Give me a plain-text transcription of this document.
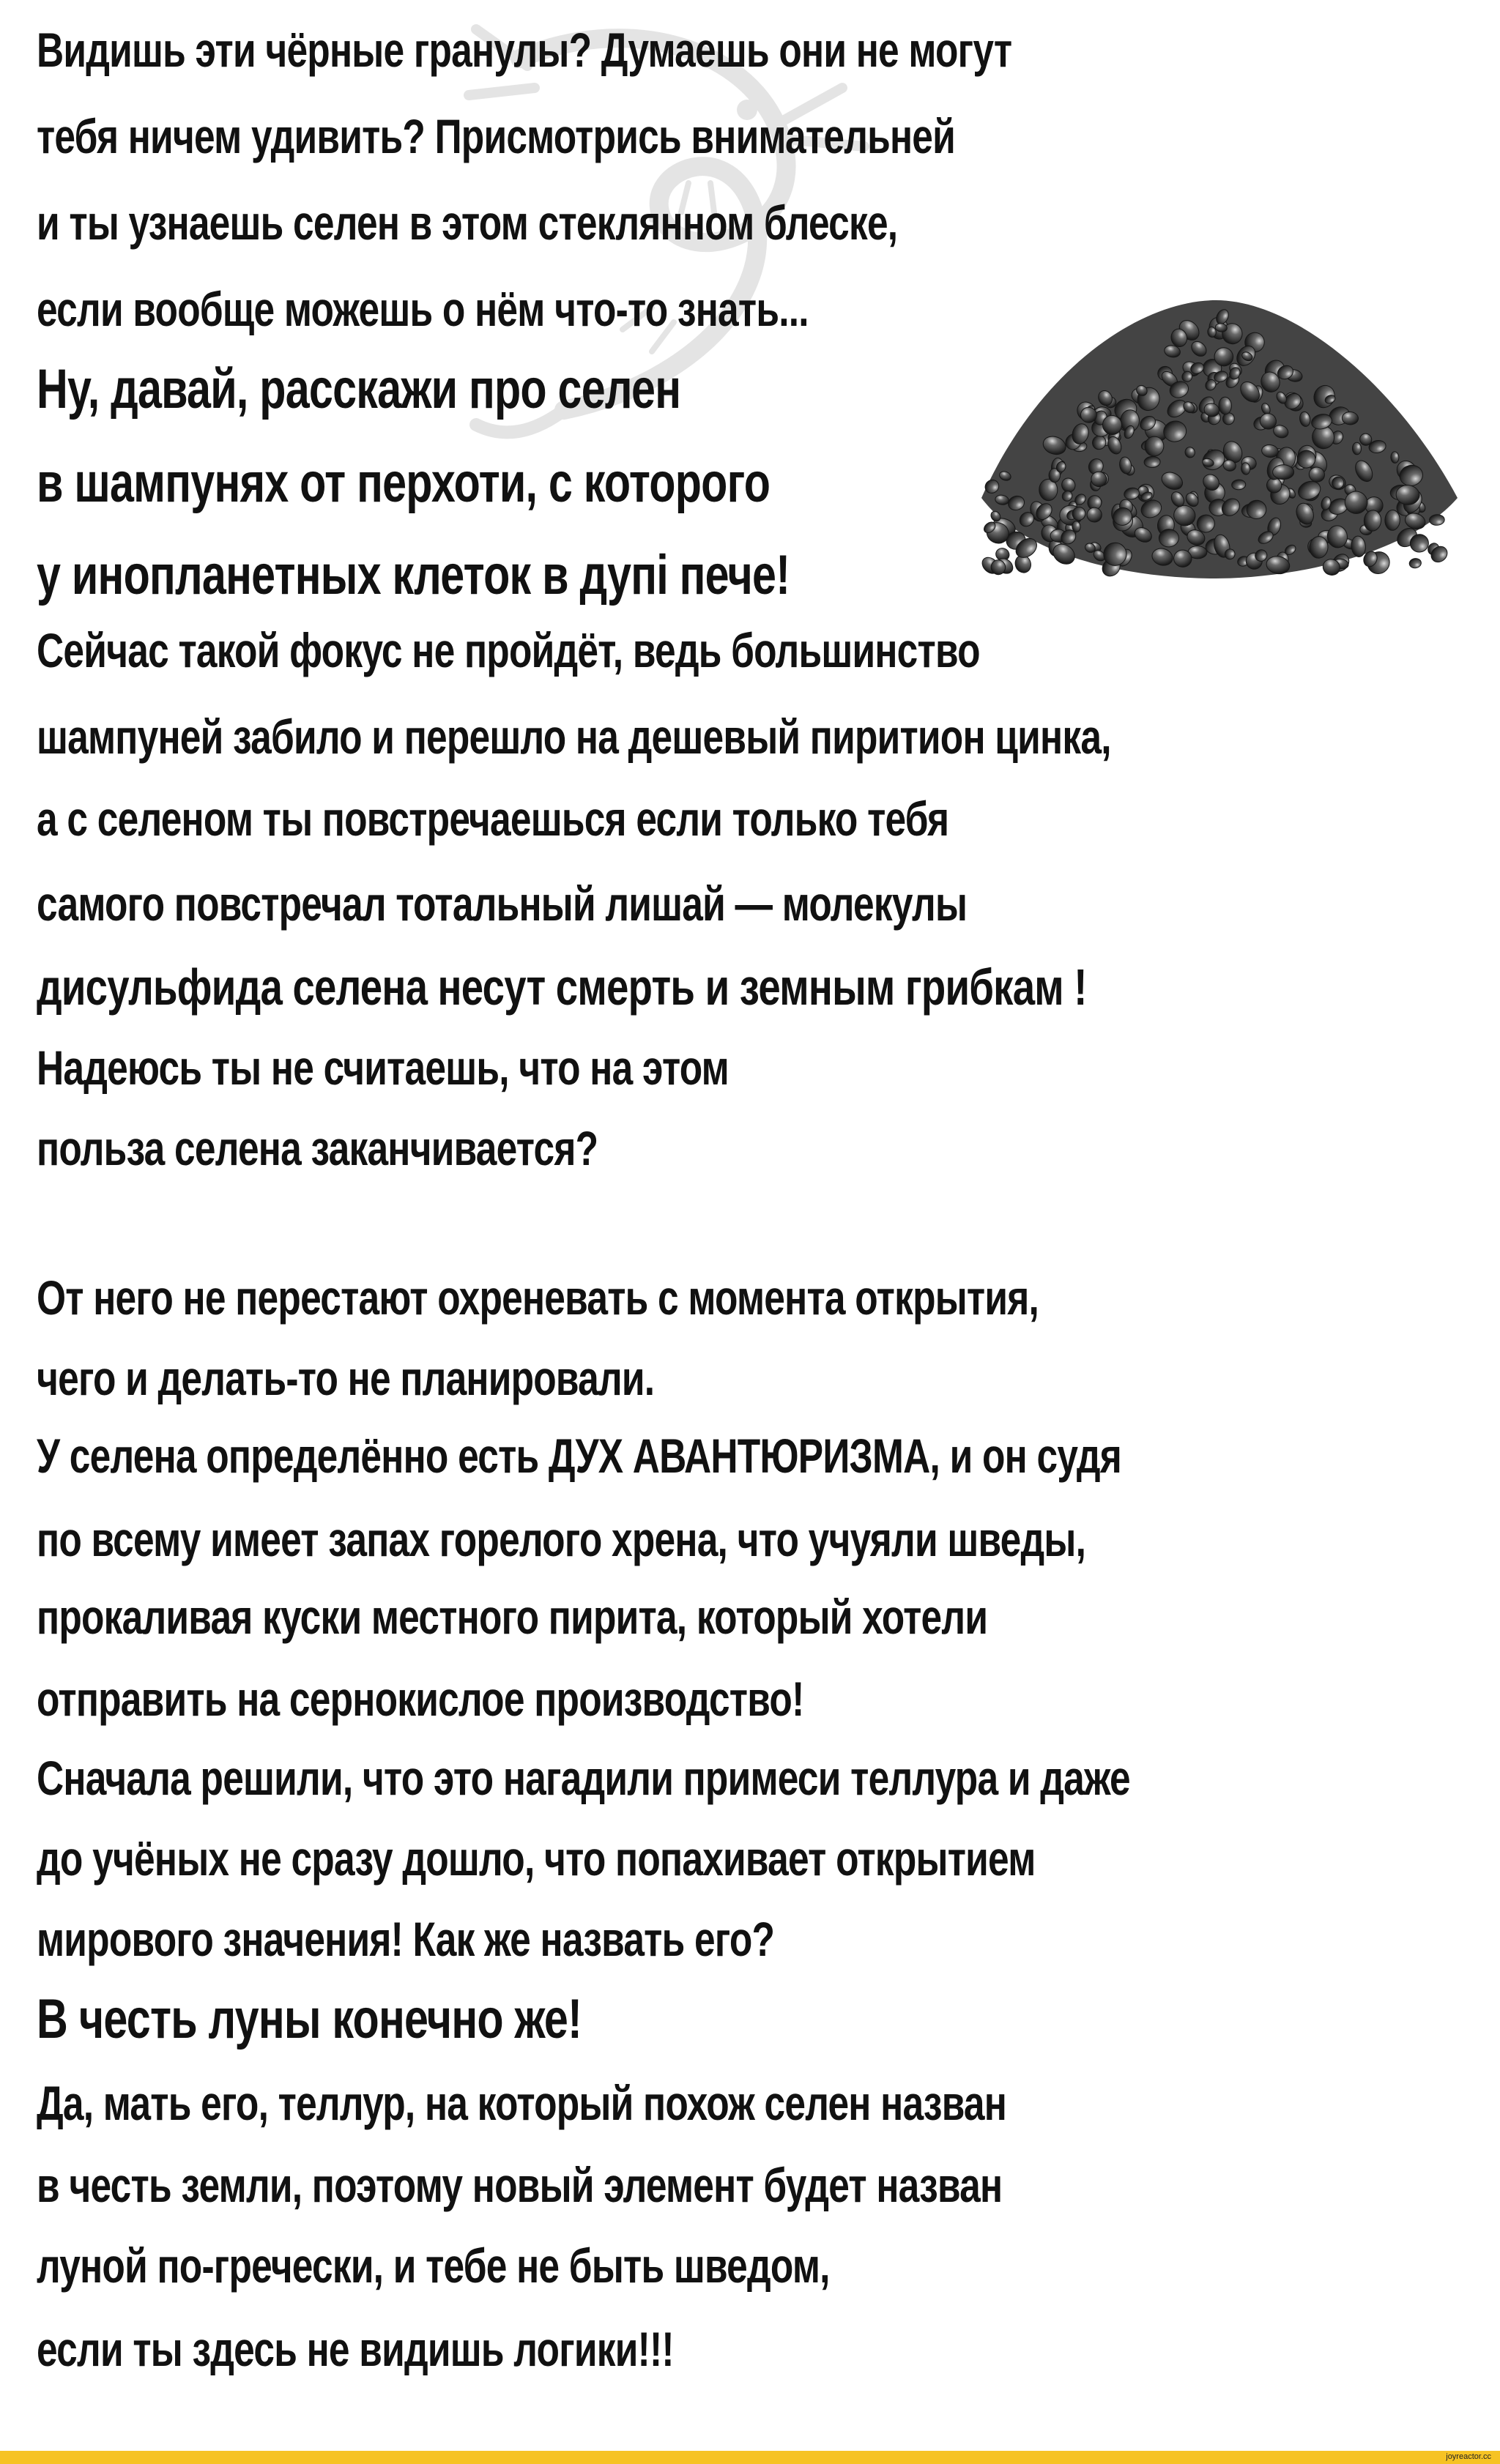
Видишь эти чёрные гранулы? Думаешь они не могут

тебя ничем удивить? Присмотрись внимательней

и ты узнаешь селен в этом стеклянном блеске,

если вообще можешь о нём что-то знать...

Ну, давай, расскажи про селен

в шампунях от перхоти, с которого

у инопланетных клеток в дупі пече!

Сейчас такой фокус не пройдёт, ведь большинство

шампуней забило и перешло на дешевый пиритион цинка,

а с селеном ты повстречаешься если только тебя

самого повстречал тотальный лишай — молекулы

дисульфида селена несут смерть и земным грибкам !

Надеюсь ты не считаешь, что на этом

польза селена заканчивается?

От него не перестают охреневать с момента открытия,

чего и делать-то не планировали.

У селена определённо есть ДУХ АВАНТЮРИЗМА, и он судя

по всему имеет запах горелого хрена, что учуяли шведы,

прокаливая куски местного пирита, который хотели

отправить на сернокислое производство!

Сначала решили, что это нагадили примеси теллура и даже

до учёных не сразу дошло, что попахивает открытием

мирового значения! Как же назвать его?

В честь луны конечно же!

Да, мать его, теллур, на который похож селен назван

в честь земли, поэтому новый элемент будет назван

луной по-гречески, и тебе не быть шведом,

если ты здесь не видишь логики!!!

joyreactor.cc
